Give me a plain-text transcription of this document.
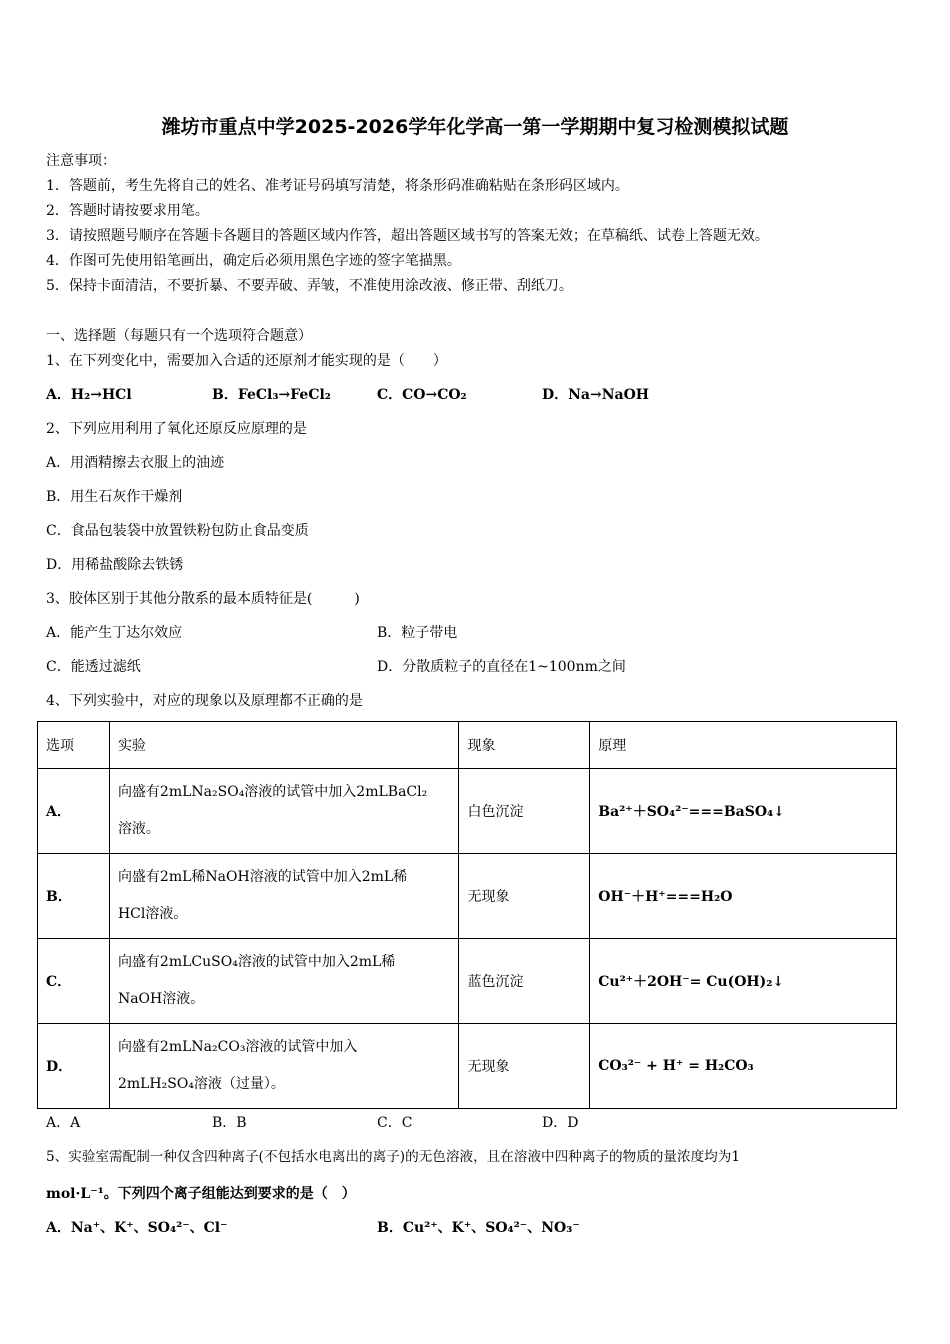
潍坊市重点中学2025-2026学年化学高一第一学期期中复习检测模拟试题
注意事项：
1．答题前，考生先将自己的姓名、准考证号码填写清楚，将条形码准确粘贴在条形码区域内。
2．答题时请按要求用笔。
3．请按照题号顺序在答题卡各题目的答题区域内作答，超出答题区域书写的答案无效；在草稿纸、试卷上答题无效。
4．作图可先使用铅笔画出，确定后必须用黑色字迹的签字笔描黑。
5．保持卡面清洁，不要折暴、不要弄破、弄皱，不准使用涂改液、修正带、刮纸刀。
一、选择题（每题只有一个选项符合题意）
1、在下列变化中，需要加入合适的还原剂才能实现的是（　　）
A．H₂→HCl	B．FeCl₃→FeCl₂	C．CO→CO₂	D．Na→NaOH
2、下列应用利用了氧化还原反应原理的是
A．用酒精擦去衣服上的油迹
B．用生石灰作干燥剂
C．食品包装袋中放置铁粉包防止食品变质
D．用稀盐酸除去铁锈
3、胶体区别于其他分散系的最本质特征是(　　　)
A．能产生丁达尔效应	B．粒子带电
C．能透过滤纸	D．分散质粒子的直径在1~100nm之间
4、下列实验中，对应的现象以及原理都不正确的是
选项	实验	现象	原理
A．	向盛有2mLNa₂SO₄溶液的试管中加入2mLBaCl₂
溶液。	白色沉淀	Ba²⁺＋SO₄²⁻===BaSO₄↓
B．	向盛有2mL稀NaOH溶液的试管中加入2mL稀
HCl溶液。	无现象	OH⁻＋H⁺===H₂O
C．	向盛有2mLCuSO₄溶液的试管中加入2mL稀
NaOH溶液。	蓝色沉淀	Cu²⁺＋2OH⁻= Cu(OH)₂↓
D．	向盛有2mLNa₂CO₃溶液的试管中加入
2mLH₂SO₄溶液（过量）。	无现象	CO₃²⁻ + H⁺ = H₂CO₃
A．A	B．B	C．C	D．D
5、实验室需配制一种仅含四种离子(不包括水电离出的离子)的无色溶液，且在溶液中四种离子的物质的量浓度均为1
mol·L⁻¹。下列四个离子组能达到要求的是（　）
A．Na⁺、K⁺、SO₄²⁻、Cl⁻	B．Cu²⁺、K⁺、SO₄²⁻、NO₃⁻
